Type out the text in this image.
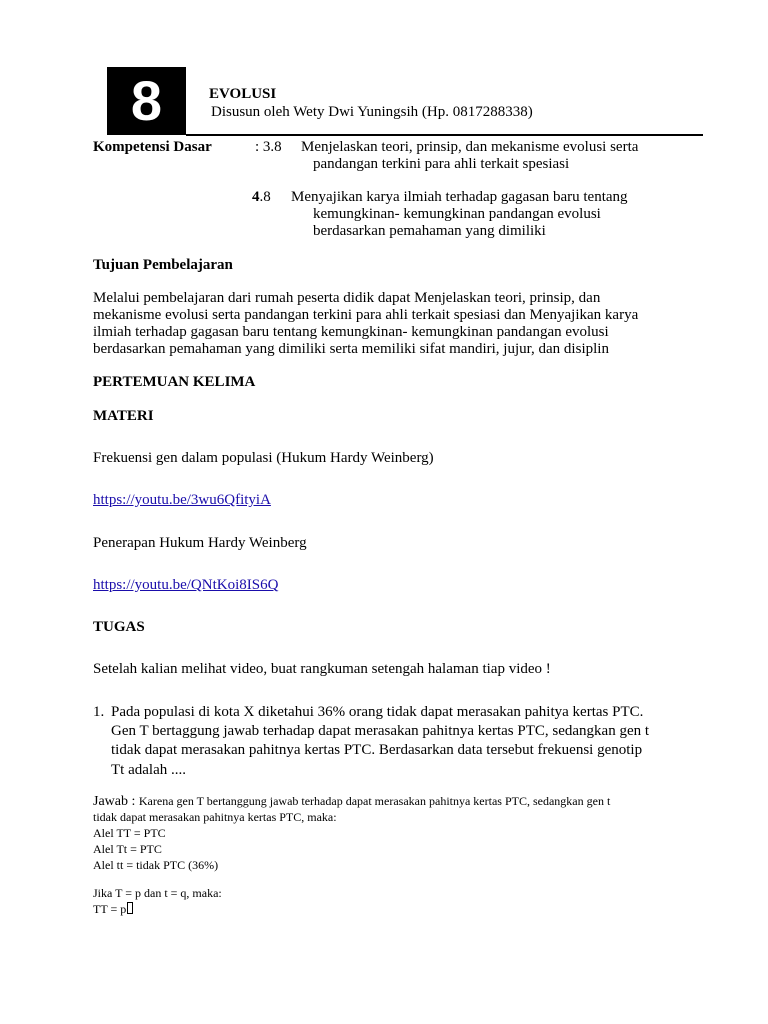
8	EVOLUSI
Disusun oleh Wety Dwi Yuningsih (Hp. 0817288338)
Kompetensi Dasar	: 3.8 Menjelaskan teori, prinsip, dan mekanisme evolusi serta
pandangan terkini para ahli terkait spesiasi
4.8 Menyajikan karya ilmiah terhadap gagasan baru tentang
kemungkinan- kemungkinan pandangan evolusi
berdasarkan pemahaman yang dimiliki
Tujuan Pembelajaran
Melalui pembelajaran dari rumah peserta didik dapat Menjelaskan teori, prinsip, dan
mekanisme evolusi serta pandangan terkini para ahli terkait spesiasi dan Menyajikan karya
ilmiah terhadap gagasan baru tentang kemungkinan- kemungkinan pandangan evolusi
berdasarkan pemahaman yang dimiliki serta memiliki sifat mandiri, jujur, dan disiplin
PERTEMUAN KELIMA
MATERI
Frekuensi gen dalam populasi (Hukum Hardy Weinberg)
https://youtu.be/3wu6QfityiA
Penerapan Hukum Hardy Weinberg
https://youtu.be/QNtKoi8IS6Q
TUGAS
Setelah kalian melihat video, buat rangkuman setengah halaman tiap video !
1. Pada populasi di kota X diketahui 36% orang tidak dapat merasakan pahitya kertas PTC.
Gen T bertaggung jawab terhadap dapat merasakan pahitnya kertas PTC, sedangkan gen t
tidak dapat merasakan pahitnya kertas PTC. Berdasarkan data tersebut frekuensi genotip
Tt adalah ....
Jawab : Karena gen T bertanggung jawab terhadap dapat merasakan pahitnya kertas PTC, sedangkan gen t
tidak dapat merasakan pahitnya kertas PTC, maka:
Alel TT = PTC
Alel Tt = PTC
Alel tt = tidak PTC (36%)
Jika T = p dan t = q, maka:
TT = p
